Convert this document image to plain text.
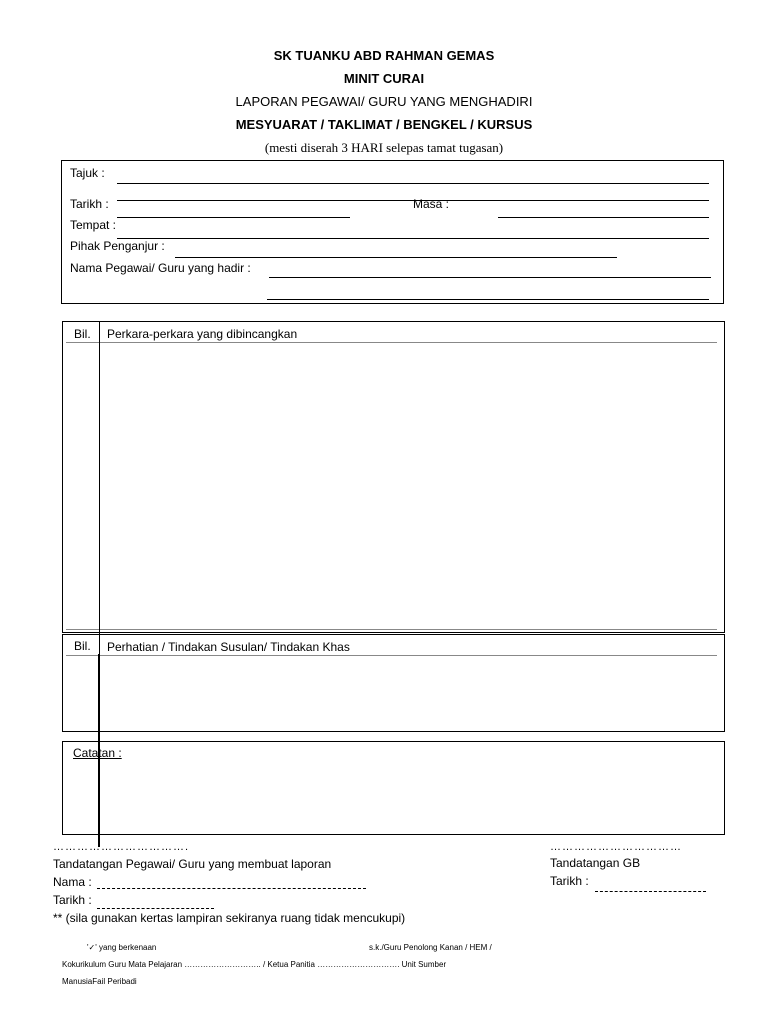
SK TUANKU ABD RAHMAN GEMAS
MINIT CURAI
LAPORAN PEGAWAI/ GURU YANG MENGHADIRI
MESYUARAT / TAKLIMAT / BENGKEL / KURSUS
(mesti diserah 3 HARI selepas tamat tugasan)
Tajuk :
Tarikh :	Masa :
Tempat :
Pihak Penganjur :
Nama Pegawai/ Guru yang hadir :
Bil. Perkara-perkara yang dibincangkan
Bil. Perhatian / Tindakan Susulan/ Tindakan Khas
Catatan :
…………………………….	……………………………
Tandatangan Pegawai/ Guru yang membuat laporan	Tandatangan GB
Nama :	Tarikh :
Tarikh :
** (sila gunakan kertas lampiran sekiranya ruang tidak mencukupi)
'✓' yang berkenaan	s.k./Guru Penolong Kanan / HEM /
Kokurikulum Guru Mata Pelajaran ……………………….. / Ketua Panitia …………………………. Unit Sumber
ManusiaFail Peribadi
